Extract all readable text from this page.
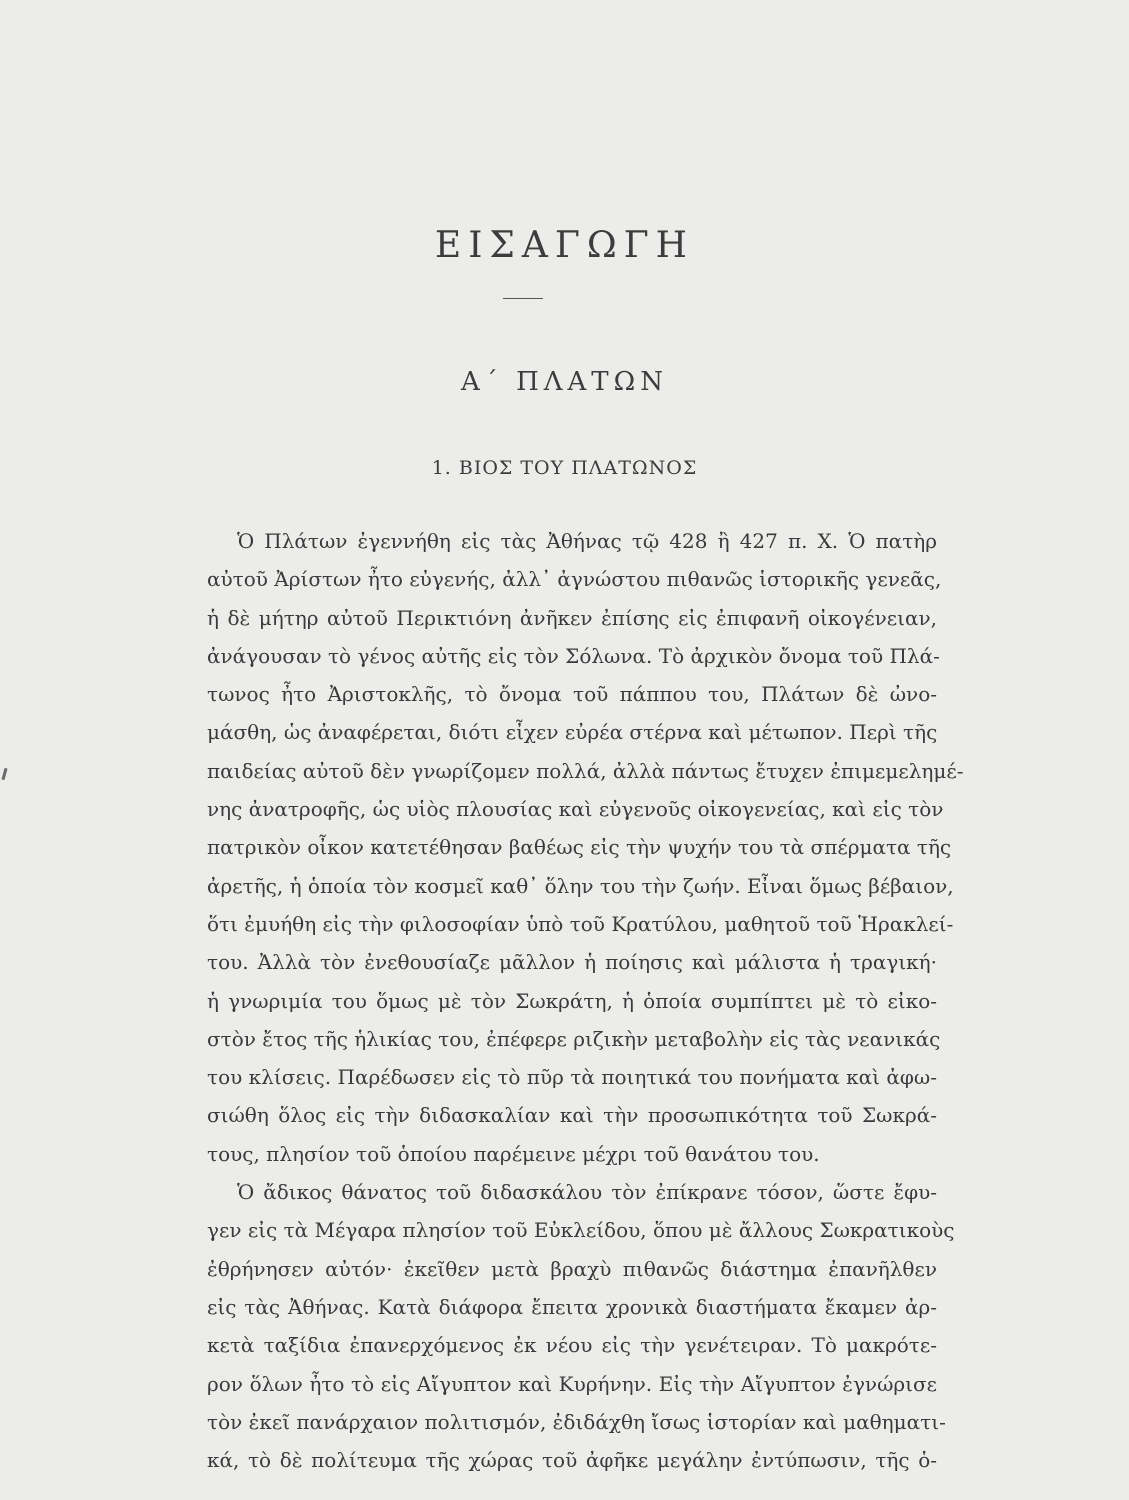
ΕΙΣΑΓΩΓΗ
Α΄ ΠΛΑΤΩΝ
1. ΒΙΟΣ ΤΟΥ ΠΛΑΤΩΝΟΣ
Ὁ Πλάτων ἐγεννήθη εἰς τὰς Ἀθήνας τῷ 428 ἢ 427 π. Χ. Ὁ πατὴρ
αὐτοῦ Ἀρίστων ἦτο εὐγενής, ἀλλ᾽ ἀγνώστου πιθανῶς ἱστορικῆς γενεᾶς,
ἡ δὲ μήτηρ αὐτοῦ Περικτιόνη ἀνῆκεν ἐπίσης εἰς ἐπιφανῆ οἰκογένειαν,
ἀνάγουσαν τὸ γένος αὐτῆς εἰς τὸν Σόλωνα. Τὸ ἀρχικὸν ὄνομα τοῦ Πλά-
τωνος ἦτο Ἀριστοκλῆς, τὸ ὄνομα τοῦ πάππου του, Πλάτων δὲ ὠνο-
μάσθη, ὡς ἀναφέρεται, διότι εἶχεν εὐρέα στέρνα καὶ μέτωπον. Περὶ τῆς
παιδείας αὐτοῦ δὲν γνωρίζομεν πολλά, ἀλλὰ πάντως ἔτυχεν ἐπιμεμελημέ-
νης ἀνατροφῆς, ὡς υἱὸς πλουσίας καὶ εὐγενοῦς οἰκογενείας, καὶ εἰς τὸν
πατρικὸν οἶκον κατετέθησαν βαθέως εἰς τὴν ψυχήν του τὰ σπέρματα τῆς
ἀρετῆς, ἡ ὁποία τὸν κοσμεῖ καθ᾽ ὅλην του τὴν ζωήν. Εἶναι ὅμως βέβαιον,
ὅτι ἐμυήθη εἰς τὴν φιλοσοφίαν ὑπὸ τοῦ Κρατύλου, μαθητοῦ τοῦ Ἡρακλεί-
του. Ἀλλὰ τὸν ἐνεθουσίαζε μᾶλλον ἡ ποίησις καὶ μάλιστα ἡ τραγική·
ἡ γνωριμία του ὅμως μὲ τὸν Σωκράτη, ἡ ὁποία συμπίπτει μὲ τὸ εἰκο-
στὸν ἔτος τῆς ἡλικίας του, ἐπέφερε ριζικὴν μεταβολὴν εἰς τὰς νεανικάς
του κλίσεις. Παρέδωσεν εἰς τὸ πῦρ τὰ ποιητικά του πονήματα καὶ ἀφω-
σιώθη ὅλος εἰς τὴν διδασκαλίαν καὶ τὴν προσωπικότητα τοῦ Σωκρά-
τους, πλησίον τοῦ ὁποίου παρέμεινε μέχρι τοῦ θανάτου του.
Ὁ ἄδικος θάνατος τοῦ διδασκάλου τὸν ἐπίκρανε τόσον, ὥστε ἔφυ-
γεν εἰς τὰ Μέγαρα πλησίον τοῦ Εὐκλείδου, ὅπου μὲ ἄλλους Σωκρατικοὺς
ἐθρήνησεν αὐτόν· ἐκεῖθεν μετὰ βραχὺ πιθανῶς διάστημα ἐπανῆλθεν
εἰς τὰς Ἀθήνας. Κατὰ διάφορα ἔπειτα χρονικὰ διαστήματα ἔκαμεν ἀρ-
κετὰ ταξίδια ἐπανερχόμενος ἐκ νέου εἰς τὴν γενέτειραν. Τὸ μακρότε-
ρον ὅλων ἦτο τὸ εἰς Αἴγυπτον καὶ Κυρήνην. Εἰς τὴν Αἴγυπτον ἐγνώρισε
τὸν ἐκεῖ πανάρχαιον πολιτισμόν, ἐδιδάχθη ἴσως ἱστορίαν καὶ μαθηματι-
κά, τὸ δὲ πολίτευμα τῆς χώρας τοῦ ἀφῆκε μεγάλην ἐντύπωσιν, τῆς ὁ-
